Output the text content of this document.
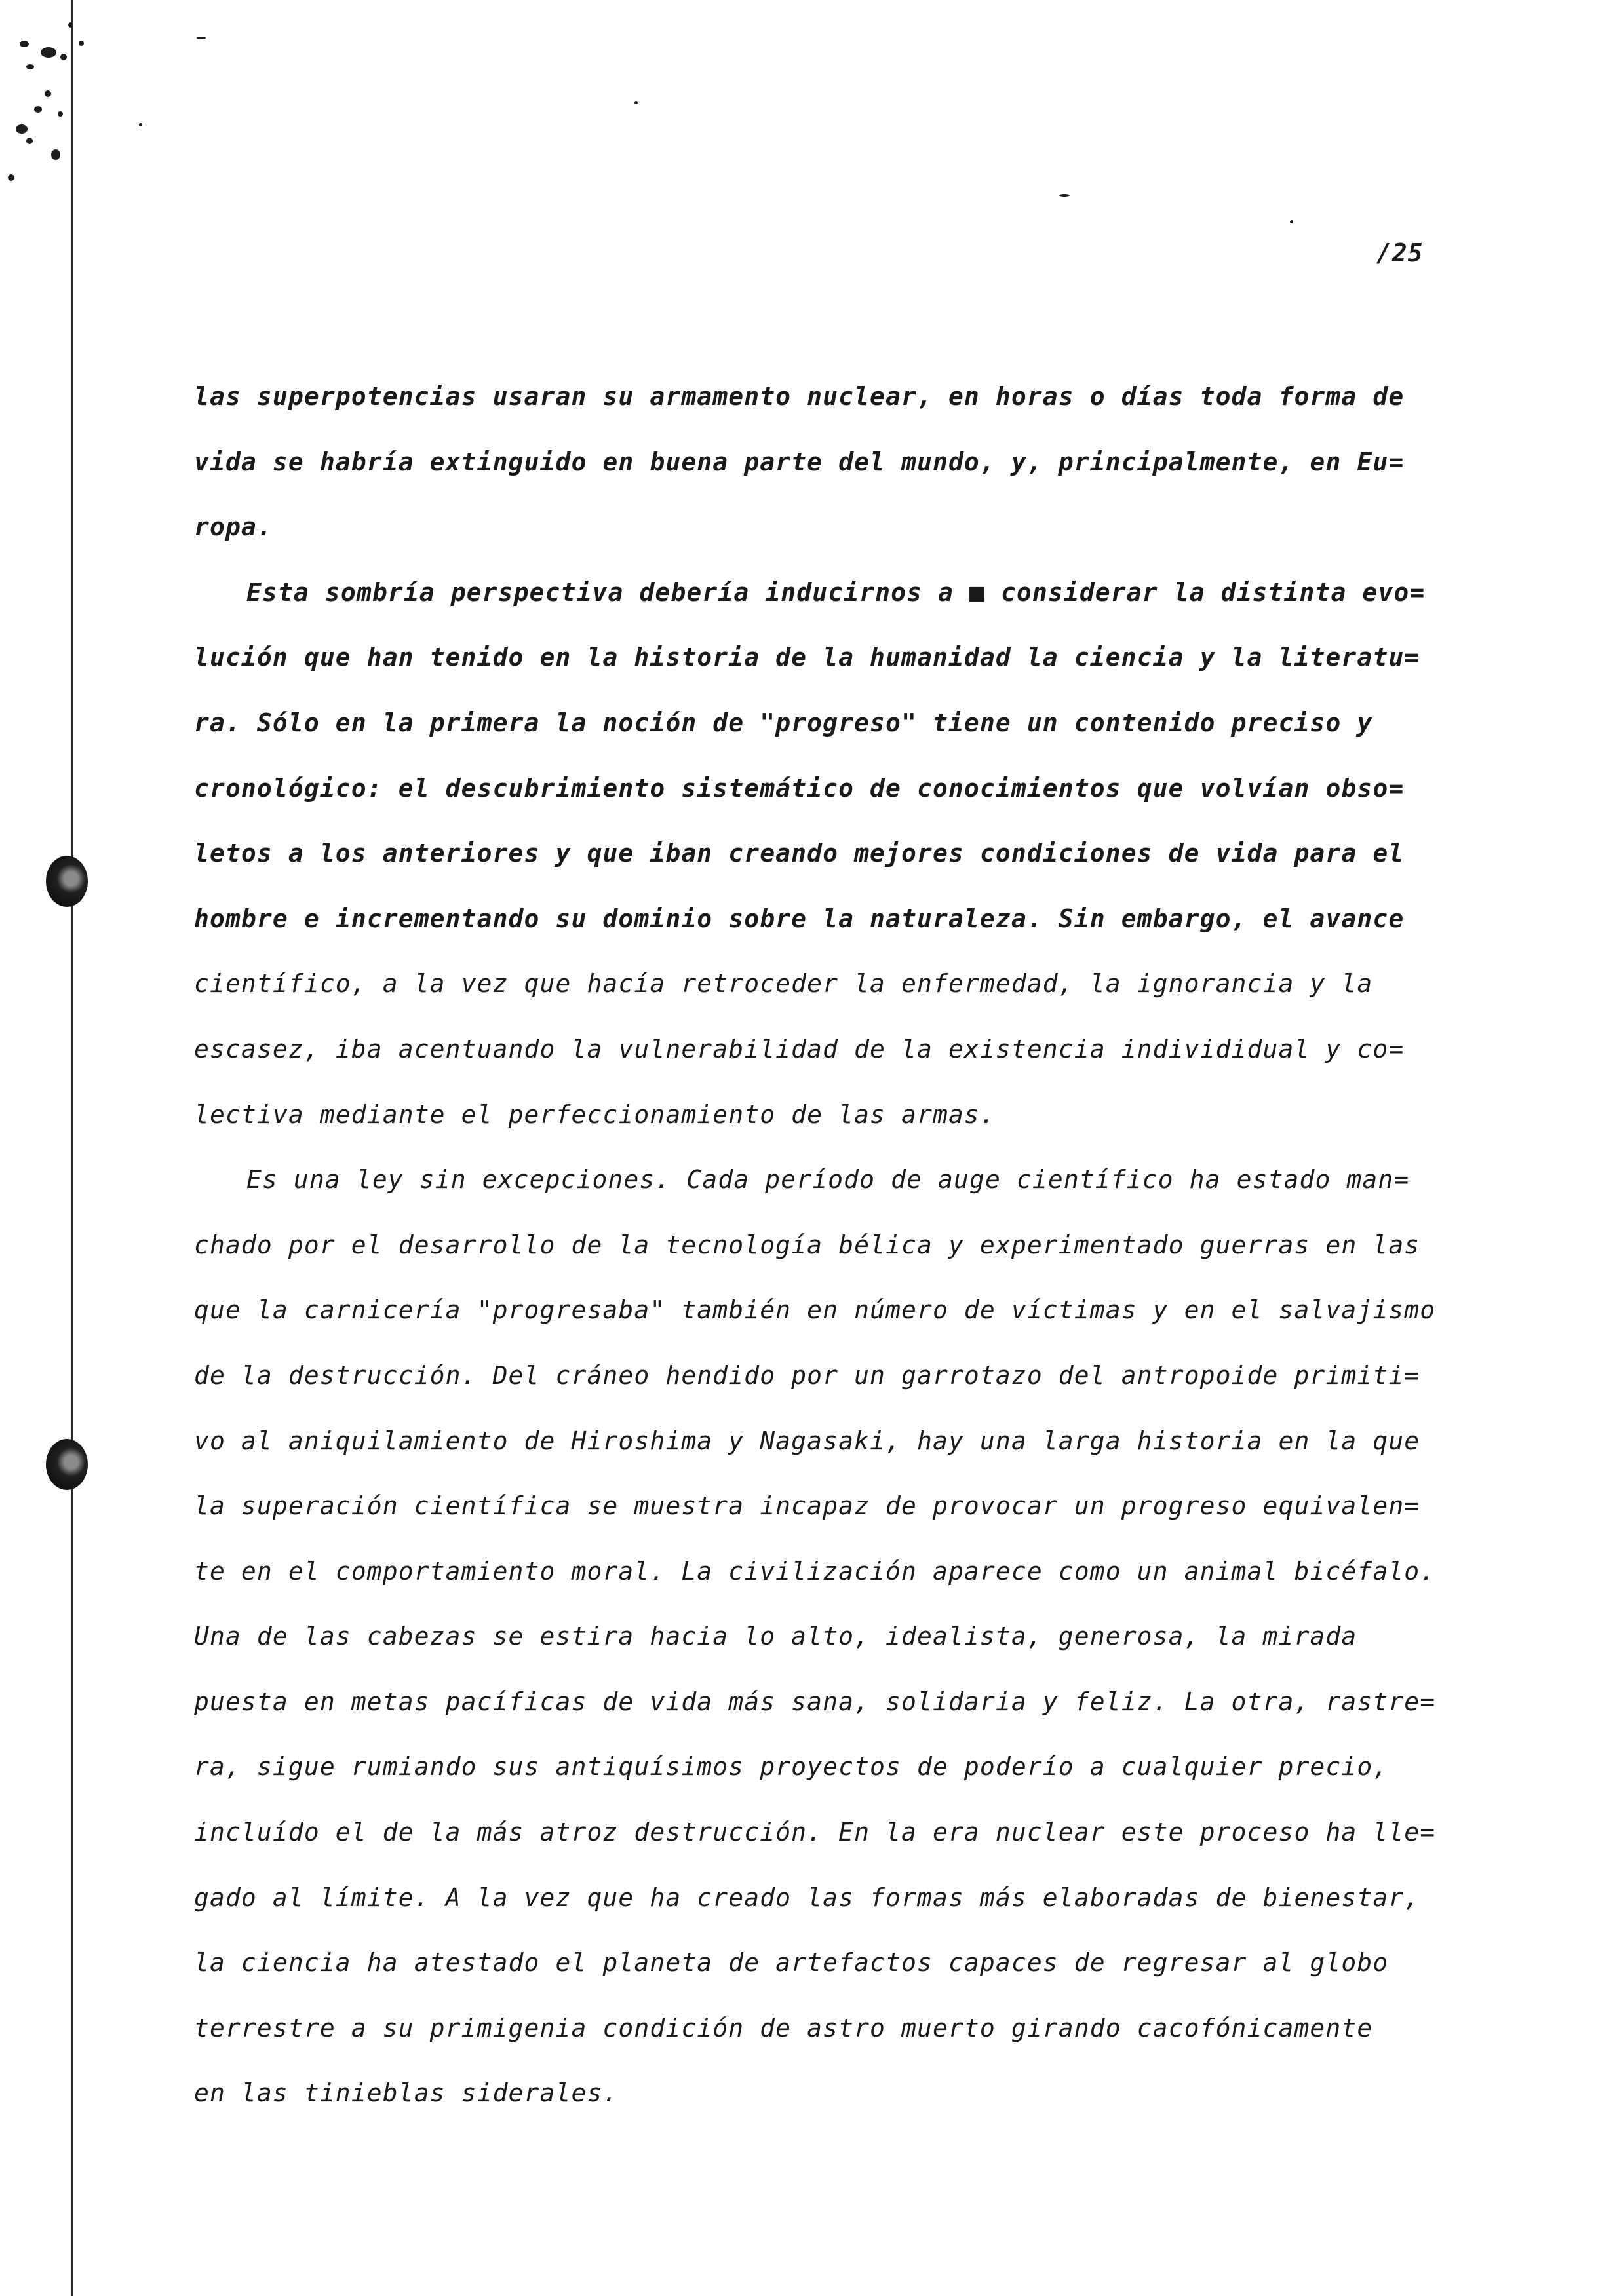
/25
las superpotencias usaran su armamento nuclear, en horas o días toda forma de
vida se habría extinguido en buena parte del mundo, y, principalmente, en Eu=
ropa.
Esta sombría perspectiva debería inducirnos a ■ considerar la distinta evo=
lución que han tenido en la historia de la humanidad la ciencia y la literatu=
ra. Sólo en la primera la noción de "progreso" tiene un contenido preciso y
cronológico: el descubrimiento sistemático de conocimientos que volvían obso=
letos a los anteriores y que iban creando mejores condiciones de vida para el
hombre e incrementando su dominio sobre la naturaleza. Sin embargo, el avance
científico, a la vez que hacía retroceder la enfermedad, la ignorancia y la
escasez, iba acentuando la vulnerabilidad de la existencia individidual y co=
lectiva mediante el perfeccionamiento de las armas.
Es una ley sin excepciones. Cada período de auge científico ha estado man=
chado por el desarrollo de la tecnología bélica y experimentado guerras en las
que la carnicería "progresaba" también en número de víctimas y en el salvajismo
de la destrucción. Del cráneo hendido por un garrotazo del antropoide primiti=
vo al aniquilamiento de Hiroshima y Nagasaki, hay una larga historia en la que
la superación científica se muestra incapaz de provocar un progreso equivalen=
te en el comportamiento moral. La civilización aparece como un animal bicéfalo.
Una de las cabezas se estira hacia lo alto, idealista, generosa, la mirada
puesta en metas pacíficas de vida más sana, solidaria y feliz. La otra, rastre=
ra, sigue rumiando sus antiquísimos proyectos de poderío a cualquier precio,
incluído el de la más atroz destrucción. En la era nuclear este proceso ha lle=
gado al límite. A la vez que ha creado las formas más elaboradas de bienestar,
la ciencia ha atestado el planeta de artefactos capaces de regresar al globo
terrestre a su primigenia condición de astro muerto girando cacofónicamente
en las tinieblas siderales.
